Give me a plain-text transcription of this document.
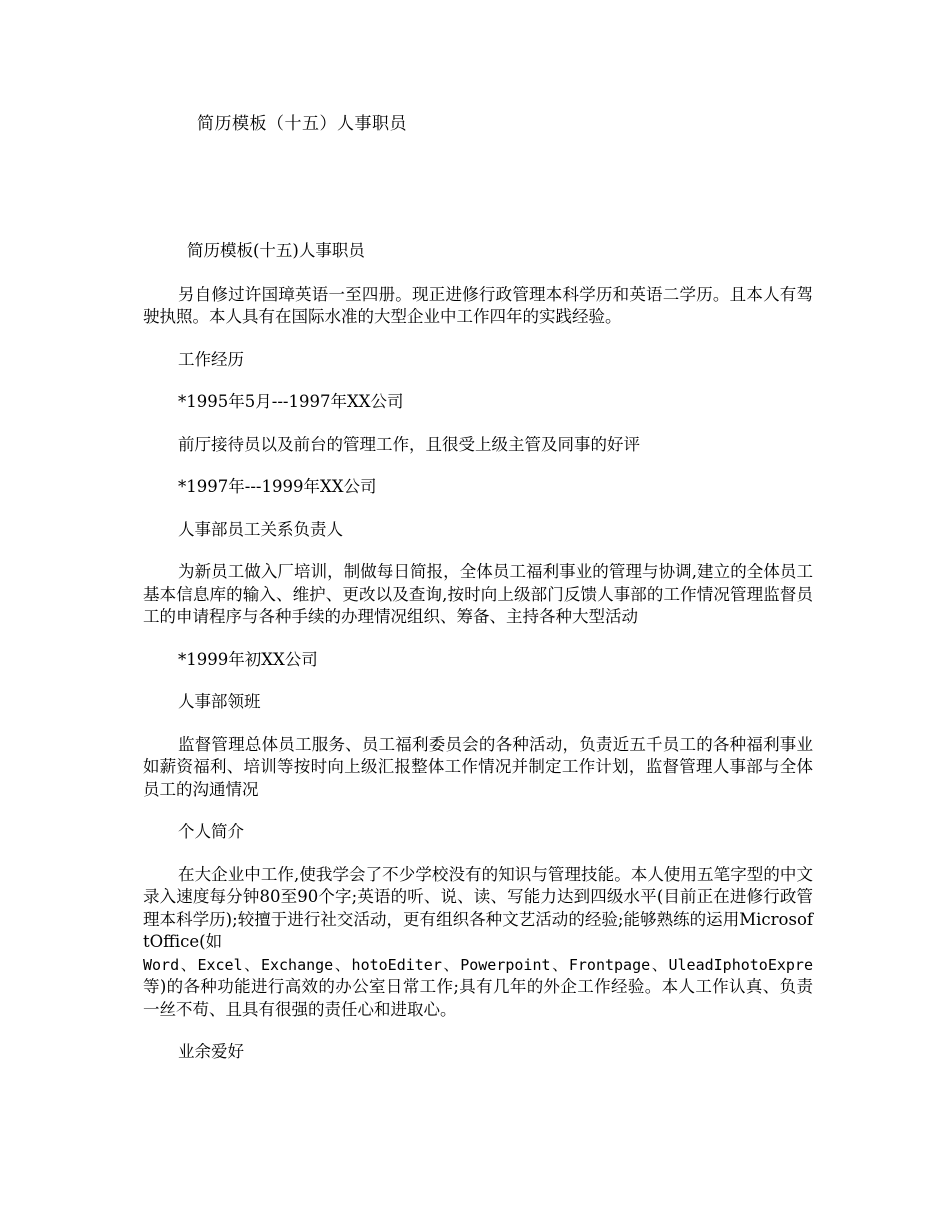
简历模板（十五）人事职员
简历模板(十五)人事职员

另自修过许国璋英语一至四册。现正进修行政管理本科学历和英语二学历。且本人有驾驶执照。本人具有在国际水准的大型企业中工作四年的实践经验。

工作经历
*1995年5月---1997年XX公司

前厅接待员以及前台的管理工作，且很受上级主管及同事的好评

*1997年---1999年XX公司
人事部员工关系负责人

为新员工做入厂培训，制做每日简报，全体员工福利事业的管理与协调,建立的全体员工基本信息库的输入、维护、更改以及查询,按时向上级部门反馈人事部的工作情况管理监督员工的申请程序与各种手续的办理情况组织、筹备、主持各种大型活动

*1999年初XX公司
人事部领班

监督管理总体员工服务、员工福利委员会的各种活动，负责近五千员工的各种福利事业如薪资福利、培训等按时向上级汇报整体工作情况并制定工作计划，监督管理人事部与全体员工的沟通情况

个人简介

在大企业中工作,使我学会了不少学校没有的知识与管理技能。本人使用五笔字型的中文录入速度每分钟80至90个字;英语的听、说、读、写能力达到四级水平(目前正在进修行政管理本科学历);较擅于进行社交活动，更有组织各种文艺活动的经验;能够熟练的运用MicrosoftOffice(如
Word、Excel、Exchange、hotoEditer、Powerpoint、Frontpage、UleadIphotoExpre等)的各种功能进行高效的办公室日常工作;具有几年的外企工作经验。本人工作认真、负责一丝不苟、且具有很强的责任心和进取心。

业余爱好
